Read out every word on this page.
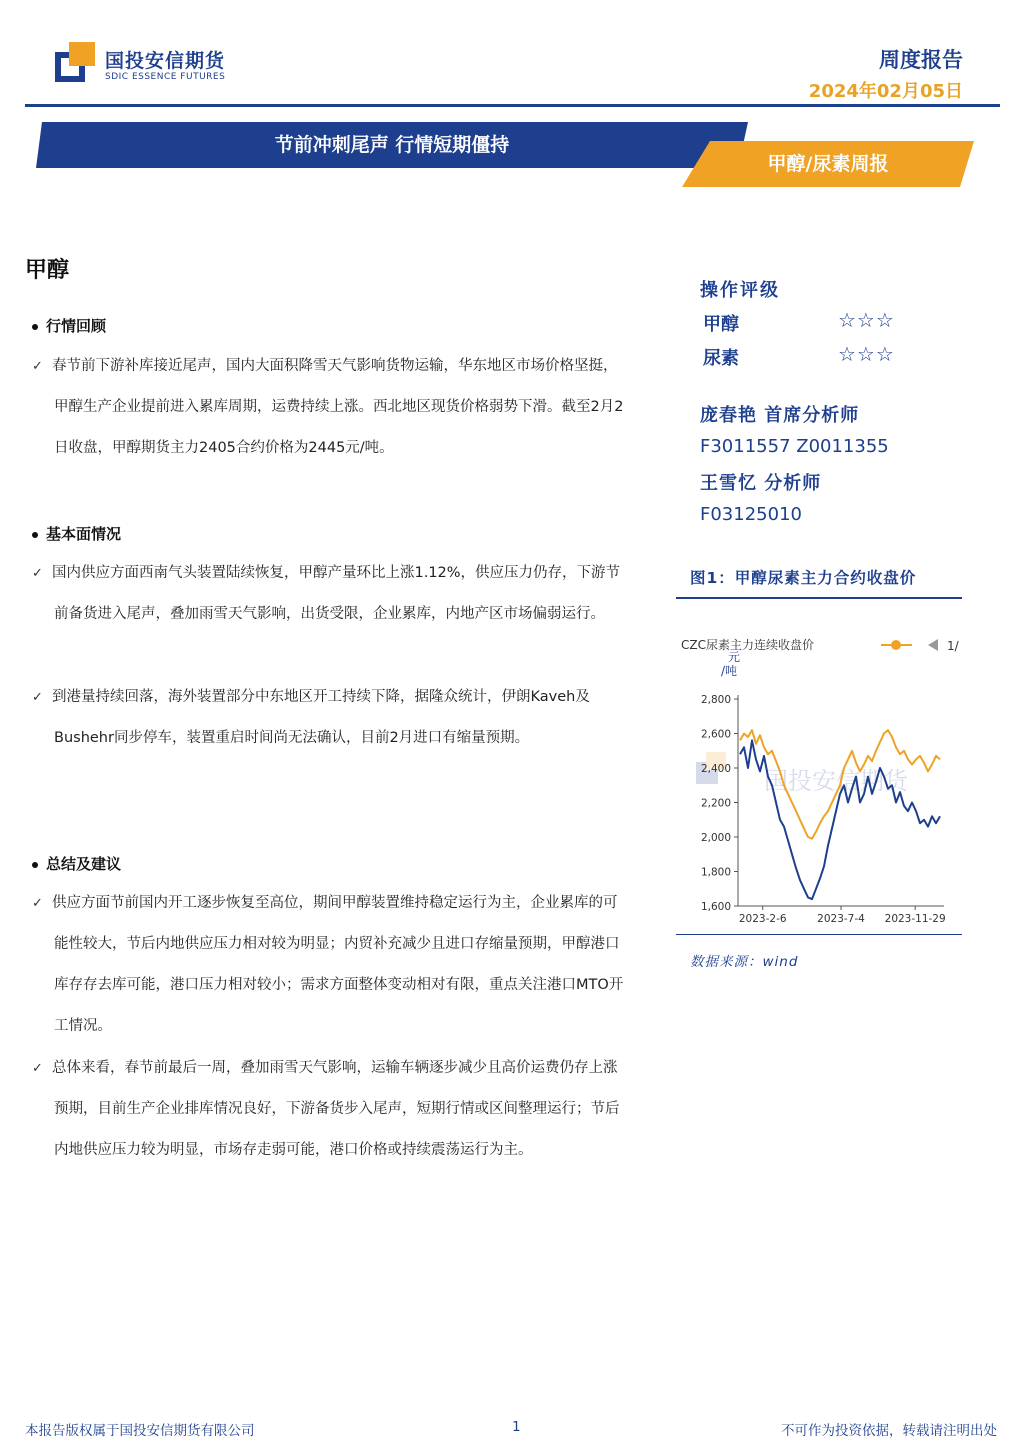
国投安信期货
SDIC ESSENCE FUTURES
周度报告
2024年02月05日
节前冲刺尾声 行情短期僵持
甲醇/尿素周报
甲醇
行情回顾
✓ 春节前下游补库接近尾声，国内大面积降雪天气影响货物运输，华东地区市场价格坚挺，甲醇生产企业提前进入累库周期，运费持续上涨。西北地区现货价格弱势下滑。截至2月2日收盘，甲醇期货主力2405合约价格为2445元/吨。
基本面情况
✓ 国内供应方面西南气头装置陆续恢复，甲醇产量环比上涨1.12%，供应压力仍存，下游节前备货进入尾声，叠加雨雪天气影响，出货受限，企业累库，内地产区市场偏弱运行。
✓ 到港量持续回落，海外装置部分中东地区开工持续下降，据隆众统计，伊朗Kaveh及Bushehr同步停车，装置重启时间尚无法确认，目前2月进口有缩量预期。
总结及建议
✓ 供应方面节前国内开工逐步恢复至高位，期间甲醇装置维持稳定运行为主，企业累库的可能性较大，节后内地供应压力相对较为明显；内贸补充减少且进口存缩量预期，甲醇港口库存存去库可能，港口压力相对较小；需求方面整体变动相对有限，重点关注港口MTO开工情况。
✓ 总体来看，春节前最后一周，叠加雨雪天气影响，运输车辆逐步减少且高价运费仍存上涨预期，目前生产企业排库情况良好，下游备货步入尾声，短期行情或区间整理运行；节后内地供应压力较为明显，市场存走弱可能，港口价格或持续震荡运行为主。
操作评级
甲醇	☆☆☆
尿素	☆☆☆
庞春艳 首席分析师
F3011557 Z0011355
王雪忆 分析师
F03125010
图1：甲醇尿素主力合约收盘价
CZC尿素主力连续收盘价	1/
元/吨
国投安信期货
1,600
1,800
2,000
2,200
2,400
2,600
2,800
2023-2-6	2023-7-4 2023-11-29
数据来源：wind
本报告版权属于国投安信期货有限公司	1	不可作为投资依据，转载请注明出处
